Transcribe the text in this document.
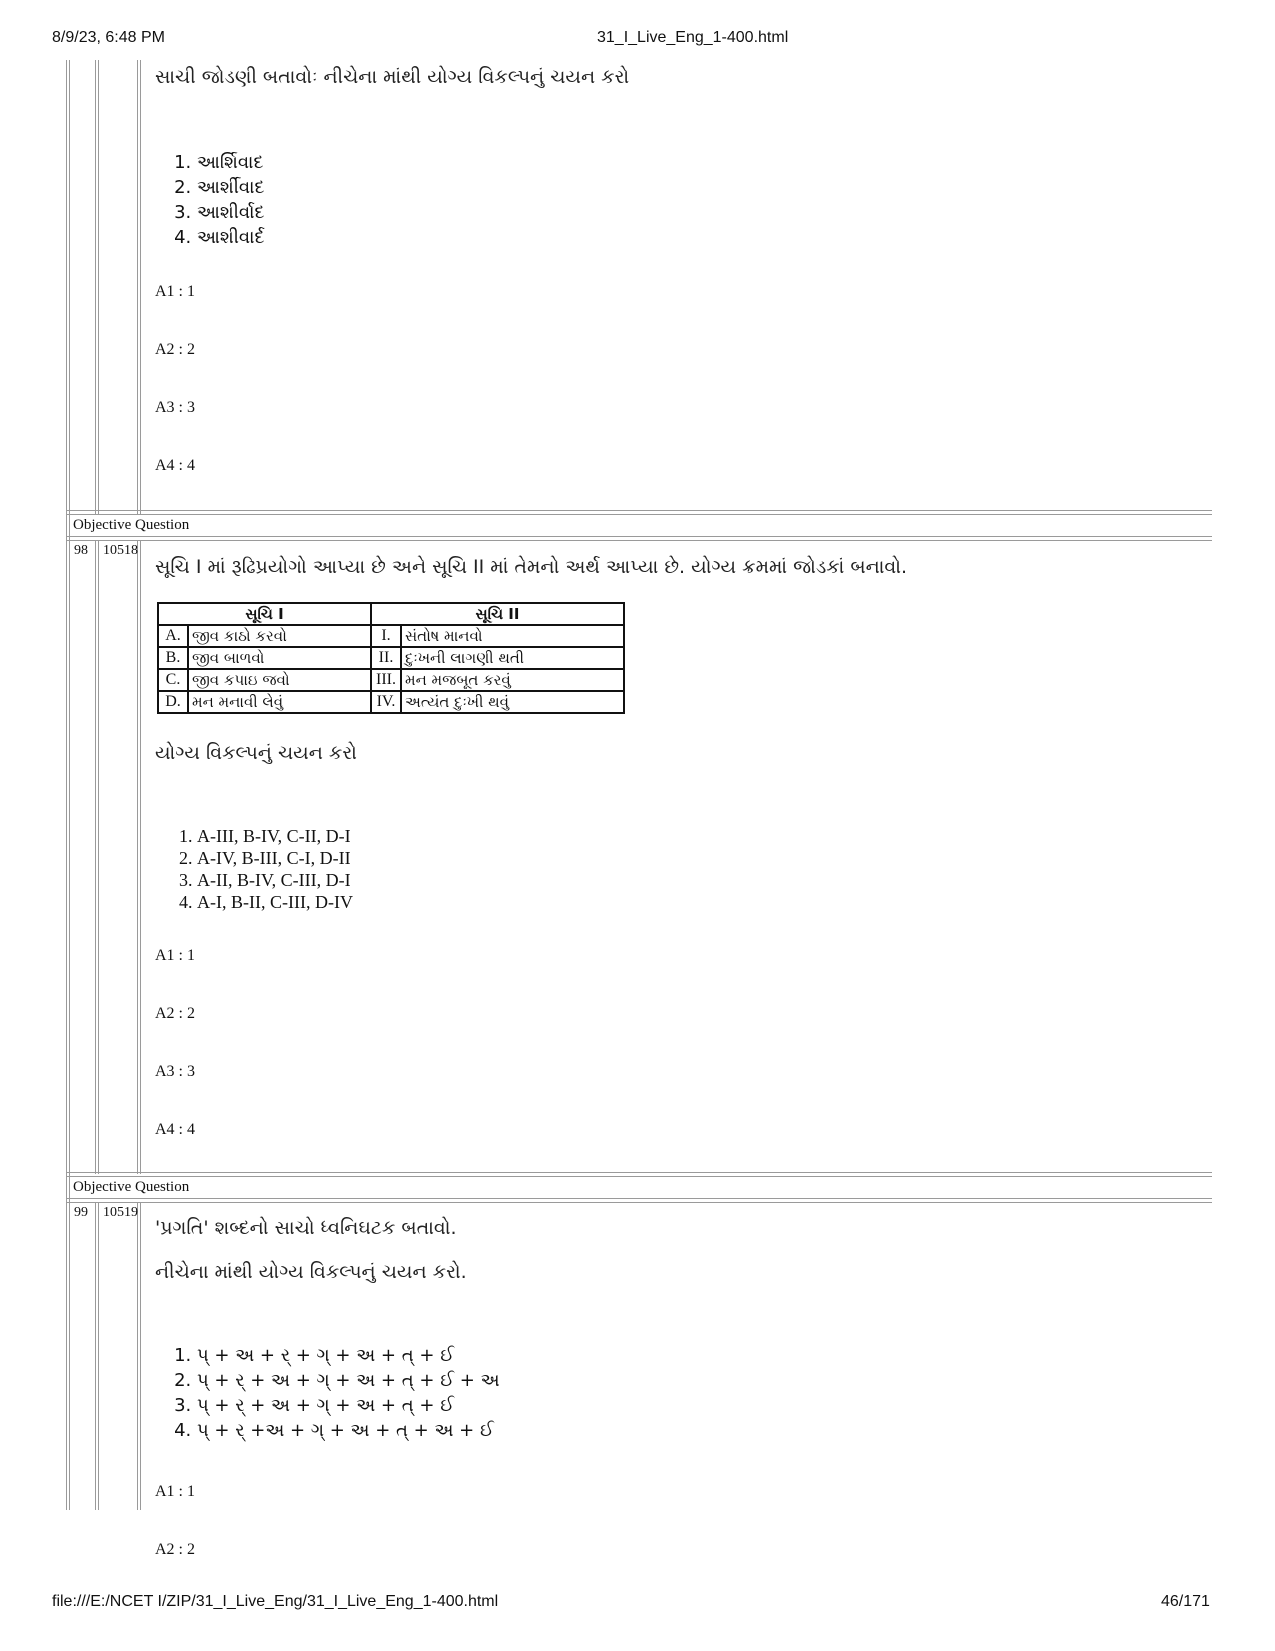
8/9/23, 6:48 PM	31_I_Live_Eng_1-400.html
સાચી જોડણી બતાવોઃ નીચેના માંથી યોગ્ય વિકલ્પનું ચયન કરો
1. આર્શિવાદ
2. આર્શીવાદ
3. આશીર્વાદ
4. આશીવાર્દ
A1 : 1
A2 : 2
A3 : 3
A4 : 4
Objective Question
98 10518
સૂચિ I માં રૂઢિપ્રયોગો આપ્યા છે અને સૂચિ II માં તેમનો અર્થ આપ્યા છે. યોગ્ય ક્રમમાં જોડકાં બનાવો.
સૂચિ I		સૂચિ II	
A.	જીવ કાઠો કરવો	I.	સંતોષ માનવો
B.	જીવ બાળવો	II.	દુઃખની લાગણી થતી
C.	જીવ કપાઇ જવો	III.	મન મજબૂત કરવું
D.	મન મનાવી લેવું	IV.	અત્યંત દુઃખી થવું
યોગ્ય વિકલ્પનું ચયન કરો
1. A-III, B-IV, C-II, D-I
2. A-IV, B-III, C-I, D-II
3. A-II, B-IV, C-III, D-I
4. A-I, B-II, C-III, D-IV
A1 : 1
A2 : 2
A3 : 3
A4 : 4
Objective Question
99 10519
'પ્રગતિ' શબ્દનો સાચો ધ્વનિઘટક બતાવો.
નીચેના માંથી યોગ્ય વિકલ્પનું ચયન કરો.
1. પ્ + અ + ર્ + ગ્ + અ + ત્ + ઈ
2. પ્ + ર્ + અ + ગ્ + અ + ત્ + ઈ + અ
3. પ્ + ર્ + અ + ગ્ + અ + ત્ + ઈ
4. પ્ + ર્ +અ + ગ્ + અ + ત્ + અ + ઈ
A1 : 1
A2 : 2
file:///E:/NCET I/ZIP/31_I_Live_Eng/31_I_Live_Eng_1-400.html	46/171
